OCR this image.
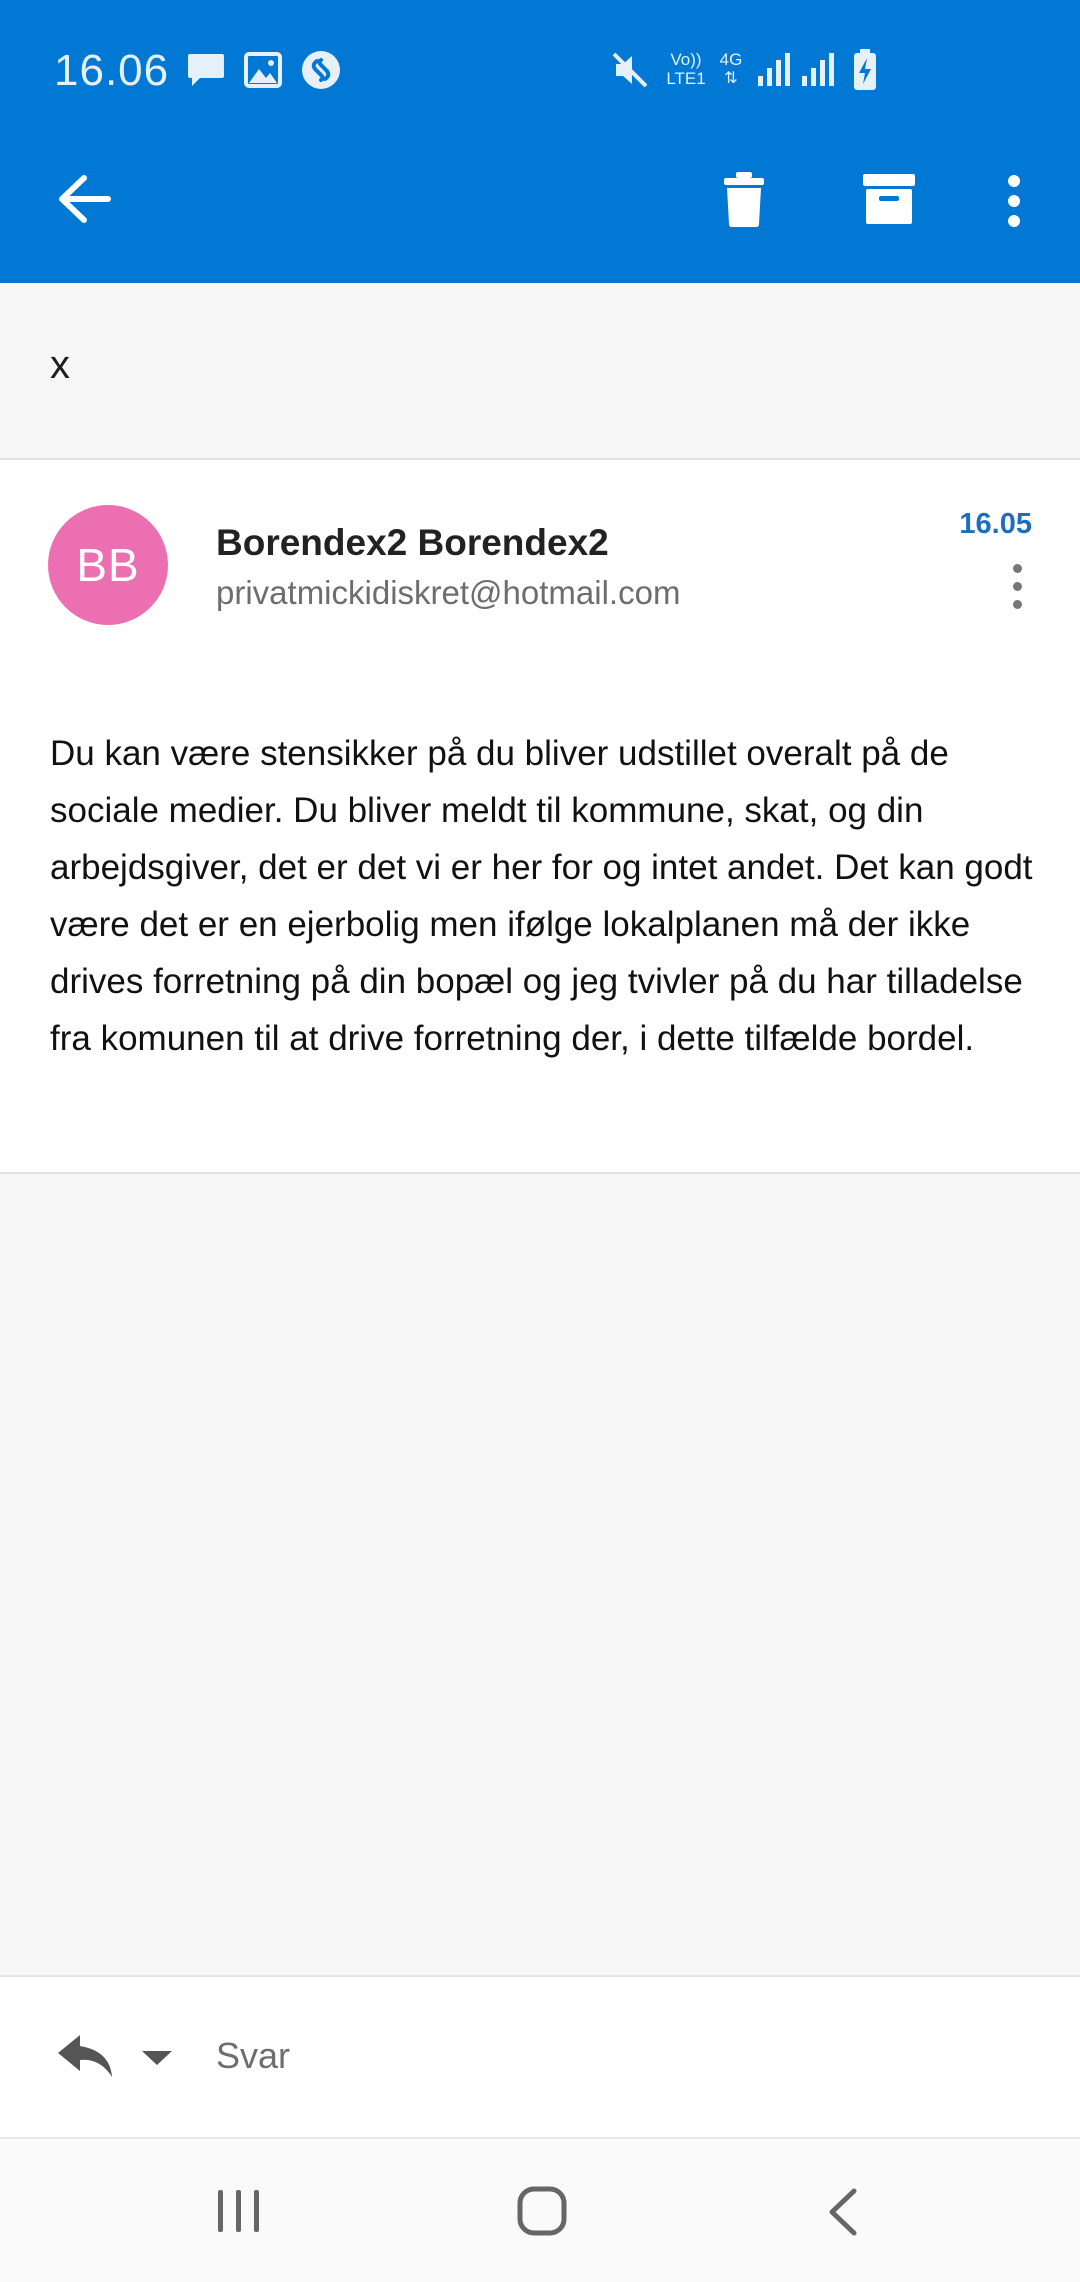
16.06	Vo))
LTE1
4G
⇅
x
BB	Borendex2 Borendex2
privatmickidiskret@hotmail.com
16.05
Du kan være stensikker på du bliver udstillet overalt på de sociale medier. Du bliver meldt til kommune, skat, og din arbejdsgiver, det er det vi er her for og intet andet. Det kan godt være det er en ejerbolig men ifølge lokalplanen må der ikke drives forretning på din bopæl og jeg tvivler på du har tilladelse fra komunen til at drive forretning der, i dette tilfælde bordel.
Svar
